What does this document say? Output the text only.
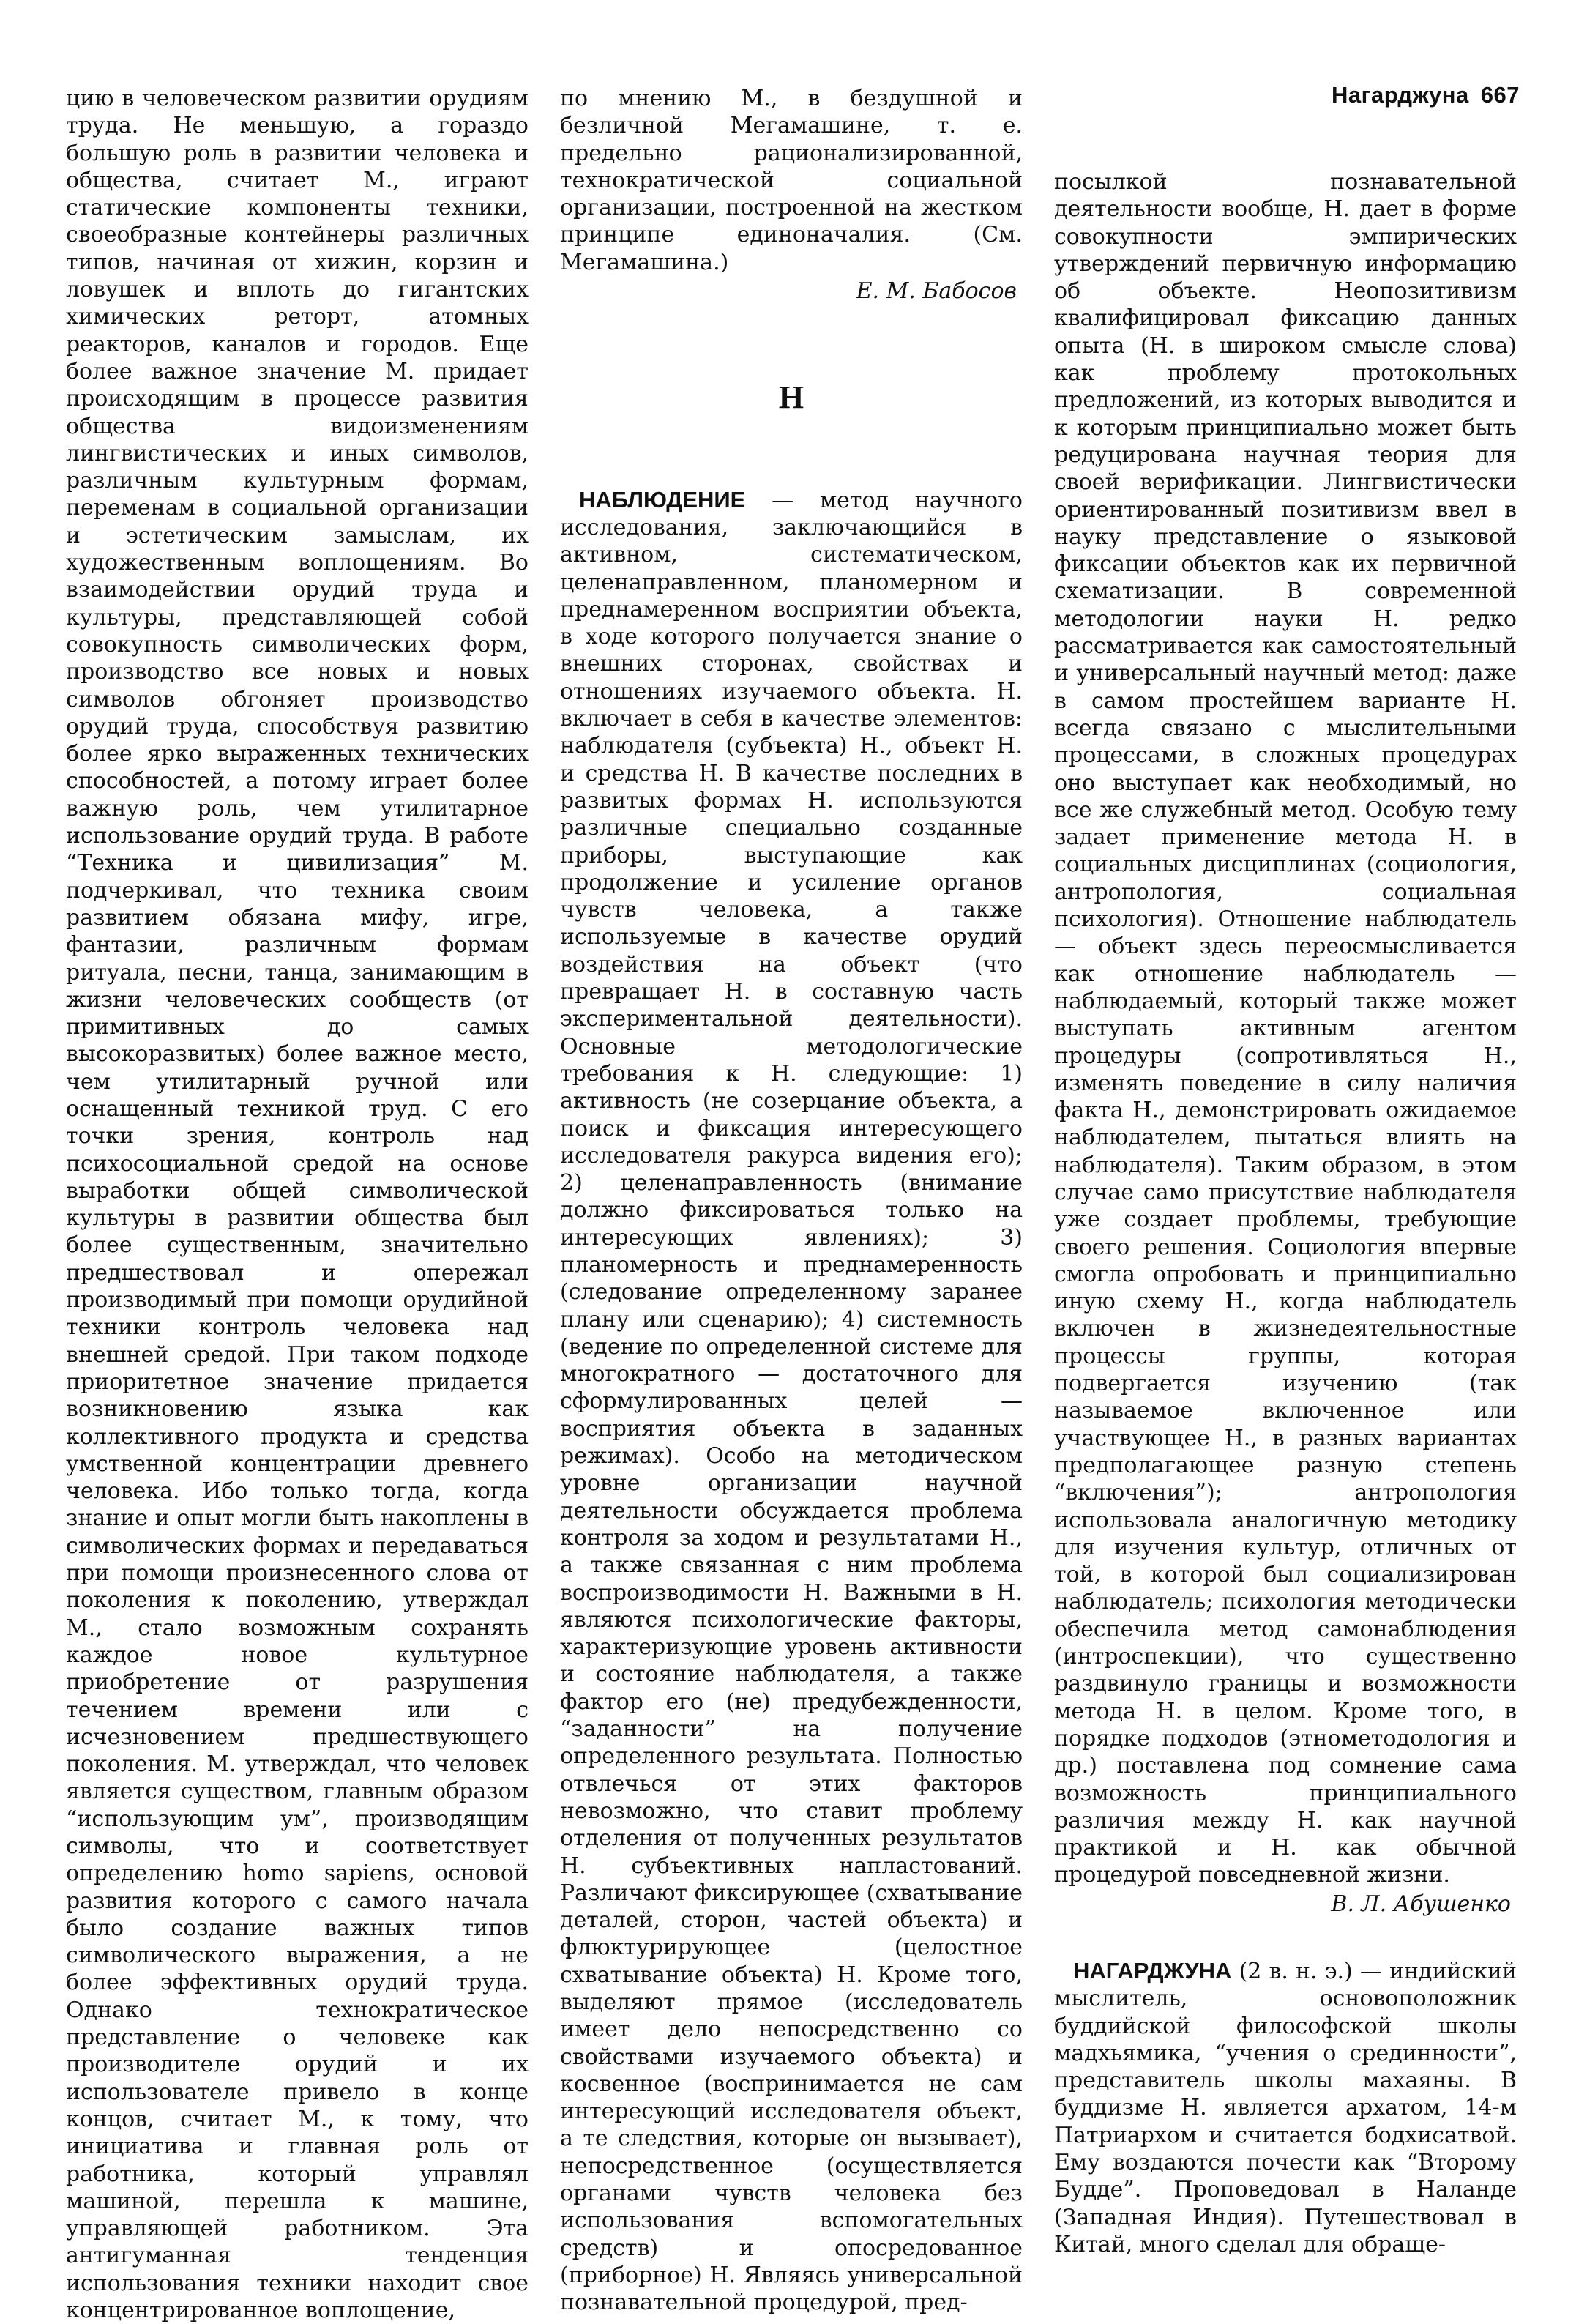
Нагарджуна 667

цию в человеческом развитии орудиям труда. Не меньшую, а гораздо большую роль в развитии человека и общества, считает М., играют статические компоненты техники, своеобразные контейнеры различных типов, начиная от хижин, корзин и ловушек и вплоть до гигантских химических реторт, атомных реакторов, каналов и городов. Еще более важное значение М. придает происходящим в процессе развития общества видоизменениям лингвистических и иных символов, различным культурным формам, переменам в социальной организации и эстетическим замыслам, их художественным воплощениям. Во взаимодействии орудий труда и культуры, представляющей собой совокупность символических форм, производство все новых и новых символов обгоняет производство орудий труда, способствуя развитию более ярко выраженных технических способностей, а потому играет более важную роль, чем утилитарное использование орудий труда. В работе “Техника и цивилизация” М. подчеркивал, что техника своим развитием обязана мифу, игре, фантазии, различным формам ритуала, песни, танца, занимающим в жизни человеческих сообществ (от примитивных до самых высокоразвитых) более важное место, чем утилитарный ручной или оснащенный техникой труд. С его точки зрения, контроль над психосоциальной средой на основе выработки общей символической культуры в развитии общества был более существенным, значительно предшествовал и опережал производимый при помощи орудийной техники контроль человека над внешней средой. При таком подходе приоритетное значение придается возникновению языка как коллективного продукта и средства умственной концентрации древнего человека. Ибо только тогда, когда знание и опыт могли быть накоплены в символических формах и передаваться при помощи произнесенного слова от поколения к поколению, утверждал М., стало возможным сохранять каждое новое культурное приобретение от разрушения течением времени или с исчезновением предшествующего поколения. М. утверждал, что человек является существом, главным образом “использующим ум”, производящим символы, что и соответствует определению homo sapiens, основой развития которого с самого начала было создание важных типов символического выражения, а не более эффективных орудий труда. Однако технократическое представление о человеке как производителе орудий и их использователе привело в конце концов, считает М., к тому, что инициатива и главная роль от работника, который управлял машиной, перешла к машине, управляющей работником. Эта антигуманная тенденция использования техники находит свое концентрированное воплощение,

по мнению М., в бездушной и безличной Мегамашине, т. е. предельно рационализированной, технократической социальной организации, построенной на жестком принципе единоначалия. (См. Мегамашина.)

Е. М. Бабосов
Н

НАБЛЮДЕНИЕ — метод научного исследования, заключающийся в активном, систематическом, целенаправленном, планомерном и преднамеренном восприятии объекта, в ходе которого получается знание о внешних сторонах, свойствах и отношениях изучаемого объекта. Н. включает в себя в качестве элементов: наблюдателя (субъекта) Н., объект Н. и средства Н. В качестве последних в развитых формах Н. используются различные специально созданные приборы, выступающие как продолжение и усиление органов чувств человека, а также используемые в качестве орудий воздействия на объект (что превращает Н. в составную часть экспериментальной деятельности). Основные методологические требования к Н. следующие: 1) активность (не созерцание объекта, а поиск и фиксация интересующего исследователя ракурса видения его); 2) целенаправленность (внимание должно фиксироваться только на интересующих явлениях); 3) планомерность и преднамеренность (следование определенному заранее плану или сценарию); 4) системность (ведение по определенной системе для многократного — достаточного для сформулированных целей — восприятия объекта в заданных режимах). Особо на методическом уровне организации научной деятельности обсуждается проблема контроля за ходом и результатами Н., а также связанная с ним проблема воспроизводимости Н. Важными в Н. являются психологические факторы, характеризующие уровень активности и состояние наблюдателя, а также фактор его (не) предубежденности, “заданности” на получение определенного результата. Полностью отвлечься от этих факторов невозможно, что ставит проблему отделения от полученных результатов Н. субъективных напластований. Различают фиксирующее (схватывание деталей, сторон, частей объекта) и флюктурирующее (целостное схватывание объекта) Н. Кроме того, выделяют прямое (исследователь имеет дело непосредственно со свойствами изучаемого объекта) и косвенное (воспринимается не сам интересующий исследователя объект, а те следствия, которые он вызывает), непосредственное (осуществляется органами чувств человека без использования вспомогательных средств) и опосредованное (приборное) Н. Являясь универсальной познавательной процедурой, пред-

посылкой познавательной деятельности вообще, Н. дает в форме совокупности эмпирических утверждений первичную информацию об объекте. Неопозитивизм квалифицировал фиксацию данных опыта (Н. в широком смысле слова) как проблему протокольных предложений, из которых выводится и к которым принципиально может быть редуцирована научная теория для своей верификации. Лингвистически ориентированный позитивизм ввел в науку представление о языковой фиксации объектов как их первичной схематизации. В современной методологии науки Н. редко рассматривается как самостоятельный и универсальный научный метод: даже в самом простейшем варианте Н. всегда связано с мыслительными процессами, в сложных процедурах оно выступает как необходимый, но все же служебный метод. Особую тему задает применение метода Н. в социальных дисциплинах (социология, антропология, социальная психология). Отношение наблюдатель — объект здесь переосмысливается как отношение наблюдатель — наблюдаемый, который также может выступать активным агентом процедуры (сопротивляться Н., изменять поведение в силу наличия факта Н., демонстрировать ожидаемое наблюдателем, пытаться влиять на наблюдателя). Таким образом, в этом случае само присутствие наблюдателя уже создает проблемы, требующие своего решения. Социология впервые смогла опробовать и принципиально иную схему Н., когда наблюдатель включен в жизнедеятельностные процессы группы, которая подвергается изучению (так называемое включенное или участвующее Н., в разных вариантах предполагающее разную степень “включения”); антропология использовала аналогичную методику для изучения культур, отличных от той, в которой был социализирован наблюдатель; психология методически обеспечила метод самонаблюдения (интроспекции), что существенно раздвинуло границы и возможности метода Н. в целом. Кроме того, в порядке подходов (этнометодология и др.) поставлена под сомнение сама возможность принципиального различия между Н. как научной практикой и Н. как обычной процедурой повседневной жизни.

В. Л. Абушенко

НАГАРДЖУНА (2 в. н. э.) — индийский мыслитель, основоположник буддийской философской школы мадхьямика, “учения о срединности”, представитель школы махаяны. В буддизме Н. является архатом, 14-м Патриархом и считается бодхисатвой. Ему воздаются почести как “Второму Будде”. Проповедовал в Наланде (Западная Индия). Путешествовал в Китай, много сделал для обраще-
